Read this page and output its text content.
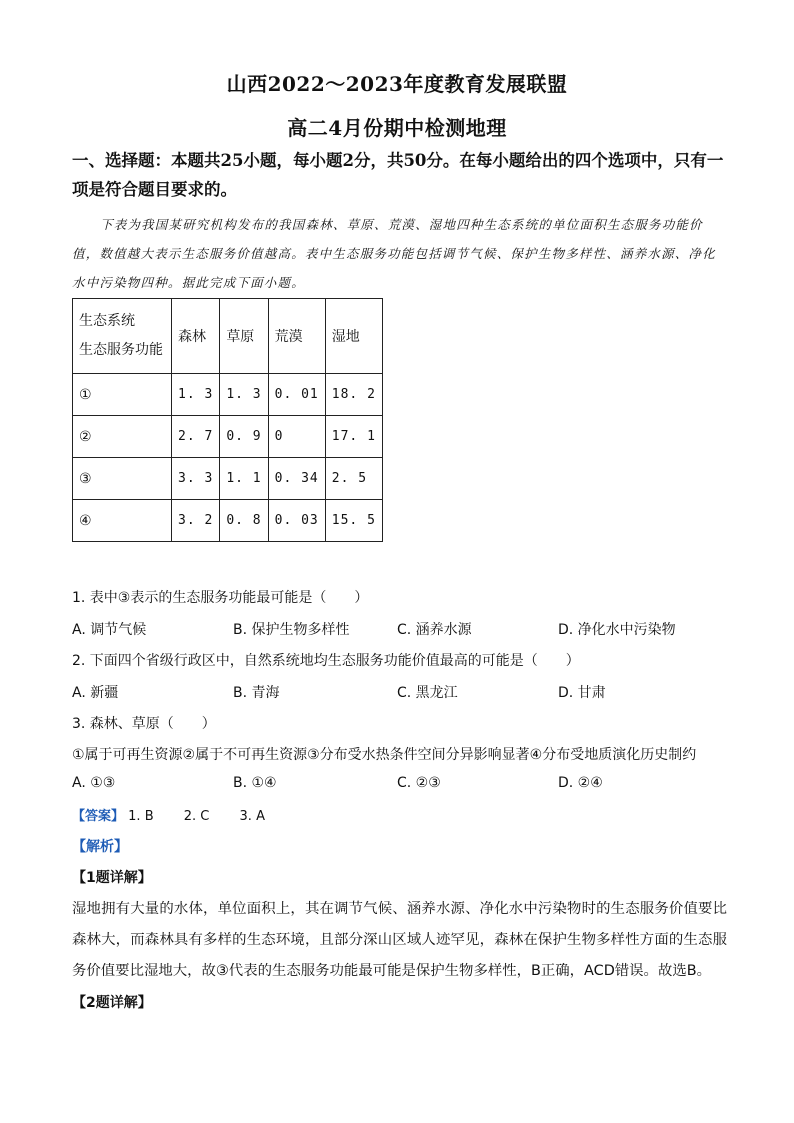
山西2022～2023年度教育发展联盟
高二4月份期中检测地理
一、选择题：本题共25小题，每小题2分，共50分。在每小题给出的四个选项中，只有一项是符合题目要求的。
下表为我国某研究机构发布的我国森林、草原、荒漠、湿地四种生态系统的单位面积生态服务功能价值，数值越大表示生态服务价值越高。表中生态服务功能包括调节气候、保护生物多样性、涵养水源、净化水中污染物四种。据此完成下面小题。
生态系统
生态服务功能	森林	草原	荒漠	湿地
①	1. 3	1. 3	0. 01	18. 2
②	2. 7	0. 9	0	17. 1
③	3. 3	1. 1	0. 34	2. 5
④	3. 2	0. 8	0. 03	15. 5
1. 表中③表示的生态服务功能最可能是（　　）
A. 调节气候	B. 保护生物多样性	C. 涵养水源	D. 净化水中污染物
2. 下面四个省级行政区中，自然系统地均生态服务功能价值最高的可能是（　　）
A. 新疆	B. 青海	C. 黑龙江	D. 甘肃
3. 森林、草原（　　）
①属于可再生资源②属于不可再生资源③分布受水热条件空间分异影响显著④分布受地质演化历史制约
A. ①③	B. ①④	C. ②③	D. ②④
【答案】 1. B 2. C 3. A
【解析】
【1题详解】
湿地拥有大量的水体，单位面积上，其在调节气候、涵养水源、净化水中污染物时的生态服务价值要比森林大，而森林具有多样的生态环境，且部分深山区域人迹罕见，森林在保护生物多样性方面的生态服务价值要比湿地大，故③代表的生态服务功能最可能是保护生物多样性，B正确，ACD错误。故选B。
【2题详解】
